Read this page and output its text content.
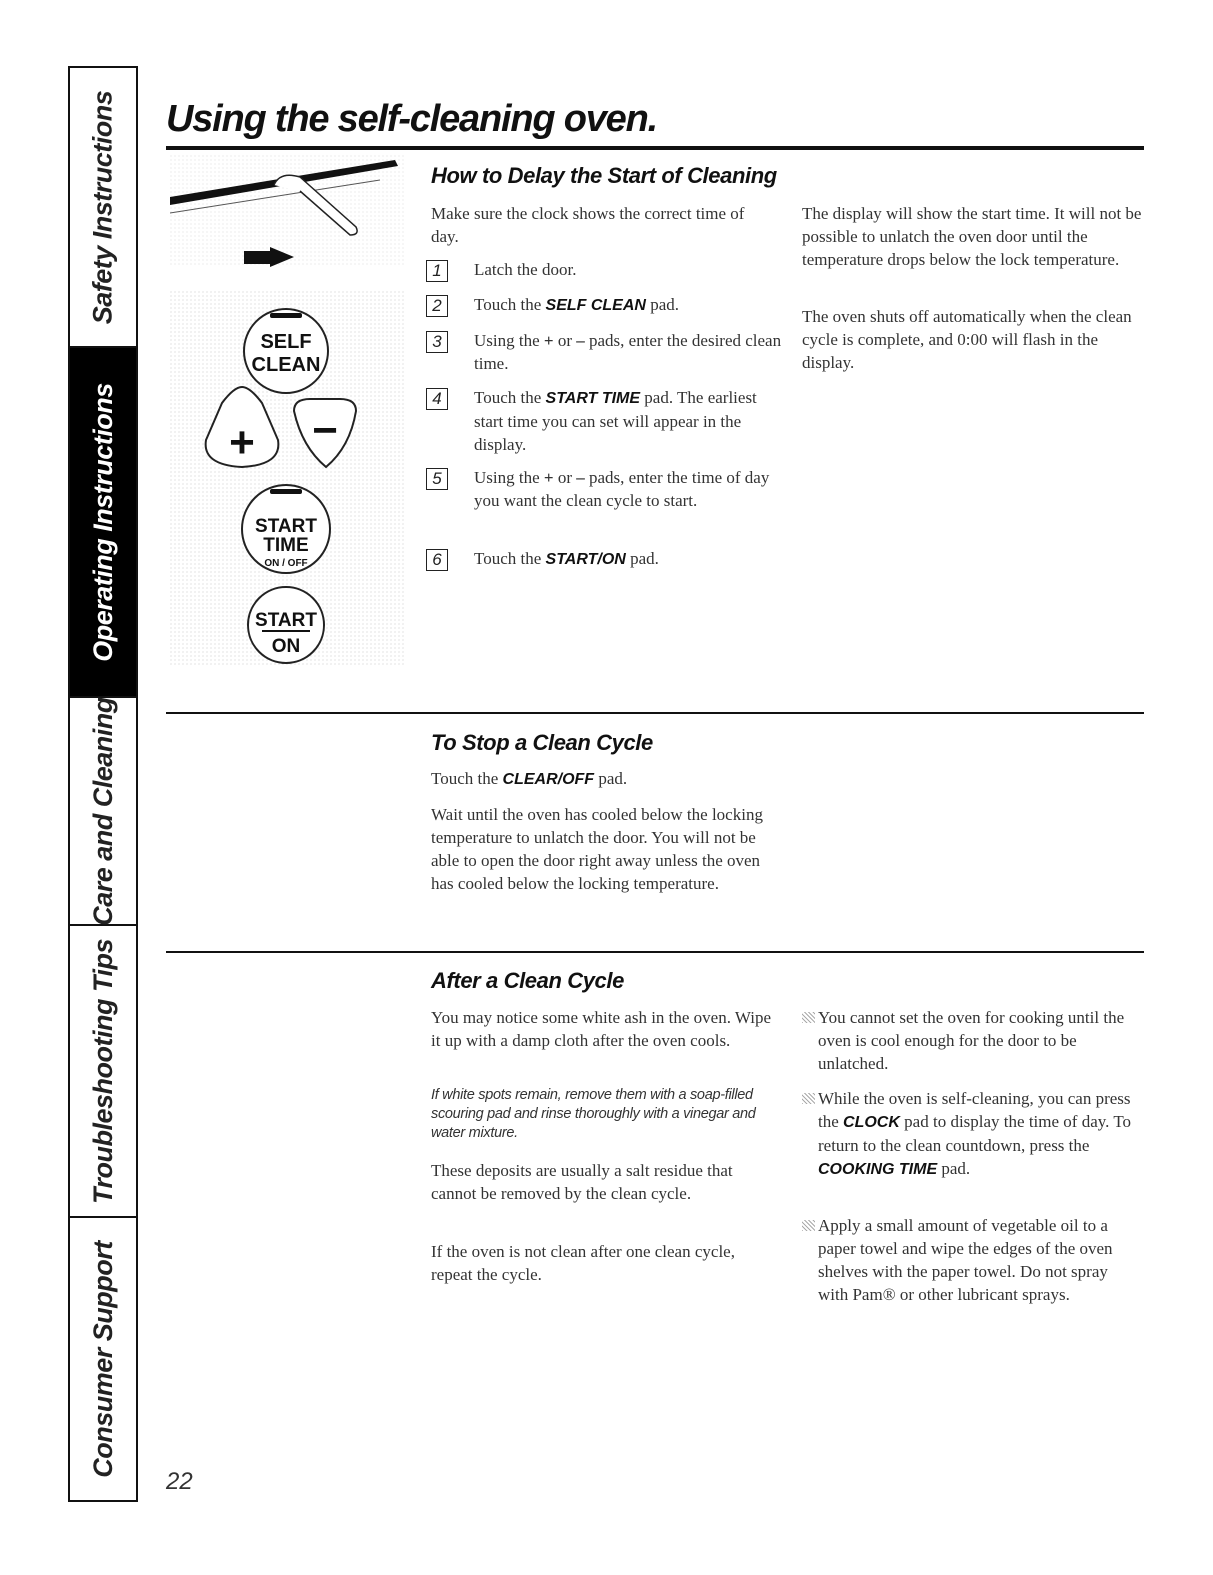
Safety Instructions
Operating Instructions
Care and Cleaning
Troubleshooting Tips
Consumer Support
Using the self-cleaning oven.
SELF
CLEAN
+ −
START
TIME
ON / OFF
START
ON
How to Delay the Start of Cleaning

Make sure the clock shows the correct time of day.

1	Latch the door.

2	Touch the SELF CLEAN pad.

3	Using the + or – pads, enter the desired clean time.

4	Touch the START TIME pad. The earliest start time you can set will appear in the display.

5	Using the + or – pads, enter the time of day you want the clean cycle to start.

6	Touch the START/ON pad.

The display will show the start time. It will not be possible to unlatch the oven door until the temperature drops below the lock temperature.

The oven shuts off automatically when the clean cycle is complete, and 0:00 will flash in the display.

To Stop a Clean Cycle

Touch the CLEAR/OFF pad.

Wait until the oven has cooled below the locking temperature to unlatch the door. You will not be able to open the door right away unless the oven has cooled below the locking temperature.

After a Clean Cycle

You may notice some white ash in the oven. Wipe it up with a damp cloth after the oven cools.

If white spots remain, remove them with a soap-filled scouring pad and rinse thoroughly with a vinegar and water mixture.

These deposits are usually a salt residue that cannot be removed by the clean cycle.

If the oven is not clean after one clean cycle, repeat the cycle.

You cannot set the oven for cooking until the oven is cool enough for the door to be unlatched.

While the oven is self-cleaning, you can press the CLOCK pad to display the time of day. To return to the clean countdown, press the COOKING TIME pad.

Apply a small amount of vegetable oil to a paper towel and wipe the edges of the oven shelves with the paper towel. Do not spray with Pam® or other lubricant sprays.

22
